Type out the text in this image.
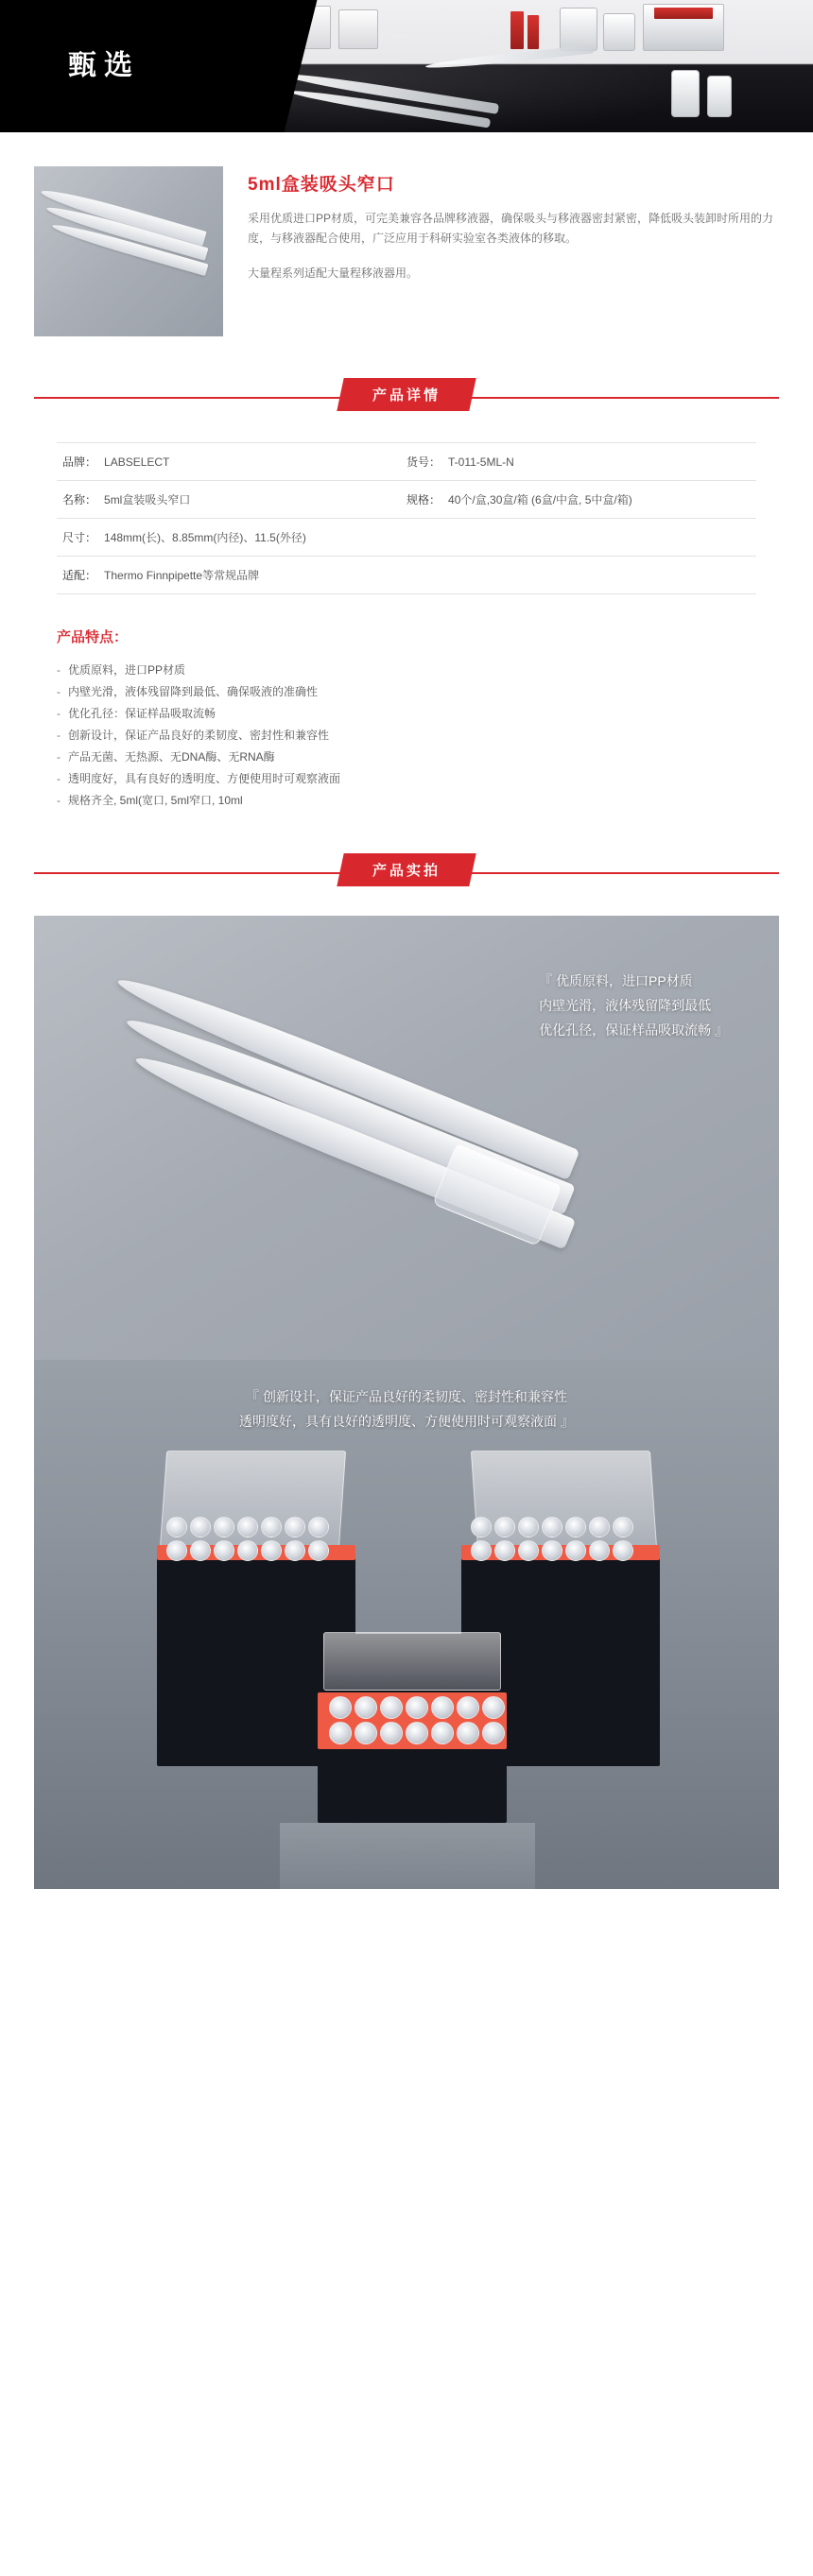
甄选
5ml盒装吸头窄口

采用优质进口PP材质，可完美兼容各品牌移液器，确保吸头与移液器密封紧密，降低吸头装卸时所用的力度，与移液器配合使用，广泛应用于科研实验室各类液体的移取。

大量程系列适配大量程移液器用。

产品详情
品牌： LABSELECT	货号： T-011-5ML-N
名称： 5ml盒装吸头窄口	规格： 40个/盒,30盒/箱 (6盒/中盒, 5中盒/箱)
尺寸： 148mm(长)、8.85mm(内径)、11.5(外径)
适配： Thermo Finnpipette等常规品牌
产品特点：
- 优质原料，进口PP材质
- 内壁光滑，液体残留降到最低、确保吸液的准确性
- 优化孔径：保证样品吸取流畅
- 创新设计，保证产品良好的柔韧度、密封性和兼容性
- 产品无菌、无热源、无DNA酶、无RNA酶
- 透明度好，具有良好的透明度、方便使用时可观察液面
- 规格齐全, 5ml(宽口, 5ml窄口, 10ml
产品实拍
『 优质原料，进口PP材质
内壁光滑，液体残留降到最低
优化孔径，保证样品吸取流畅 』
『 创新设计，保证产品良好的柔韧度、密封性和兼容性
透明度好，具有良好的透明度、方便使用时可观察液面 』
